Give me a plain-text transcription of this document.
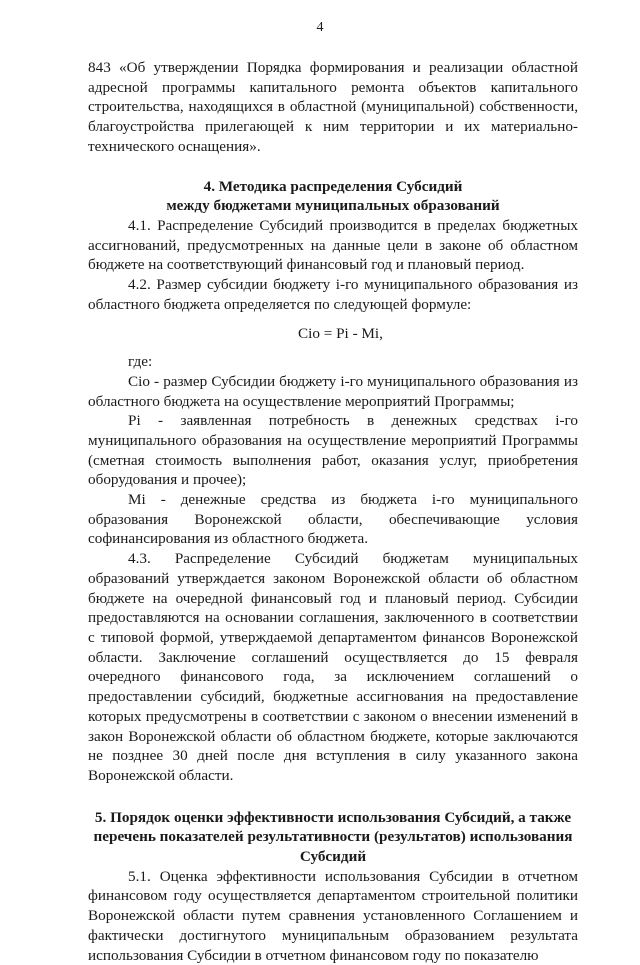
4

843 «Об утверждении Порядка формирования и реализации областной адресной программы капитального ремонта объектов капитального строительства, находящихся в областной (муниципальной) собственности, благоустройства прилегающей к ним территории и их материально-технического оснащения».

4. Методика распределения Субсидий
между бюджетами муниципальных образований

4.1. Распределение Субсидий производится в пределах бюджетных ассигнований, предусмотренных на данные цели в законе об областном бюджете на соответствующий финансовый год и плановый период.

4.2. Размер субсидии бюджету i-го муниципального образования из областного бюджета определяется по следующей формуле:

Cio = Pi - Mi,

где:

Cio - размер Субсидии бюджету i-го муниципального образования из областного бюджета на осуществление мероприятий Программы;

Pi - заявленная потребность в денежных средствах i-го муниципального образования на осуществление мероприятий Программы (сметная стоимость выполнения работ, оказания услуг, приобретения оборудования и прочее);

Mi - денежные средства из бюджета i-го муниципального образования Воронежской области, обеспечивающие условия софинансирования из областного бюджета.

4.3. Распределение Субсидий бюджетам муниципальных образований утверждается законом Воронежской области об областном бюджете на очередной финансовый год и плановый период. Субсидии предоставляются на основании соглашения, заключенного в соответствии с типовой формой, утверждаемой департаментом финансов Воронежской области. Заключение соглашений осуществляется до 15 февраля очередного финансового года, за исключением соглашений о предоставлении субсидий, бюджетные ассигнования на предоставление которых предусмотрены в соответствии с законом о внесении изменений в закон Воронежской области об областном бюджете, которые заключаются не позднее 30 дней после дня вступления в силу указанного закона Воронежской области.

5. Порядок оценки эффективности использования Субсидий, а также перечень показателей результативности (результатов) использования Субсидий

5.1. Оценка эффективности использования Субсидии в отчетном финансовом году осуществляется департаментом строительной политики Воронежской области путем сравнения установленного Соглашением и фактически достигнутого муниципальным образованием результата использования Субсидии в отчетном финансовом году по показателю
